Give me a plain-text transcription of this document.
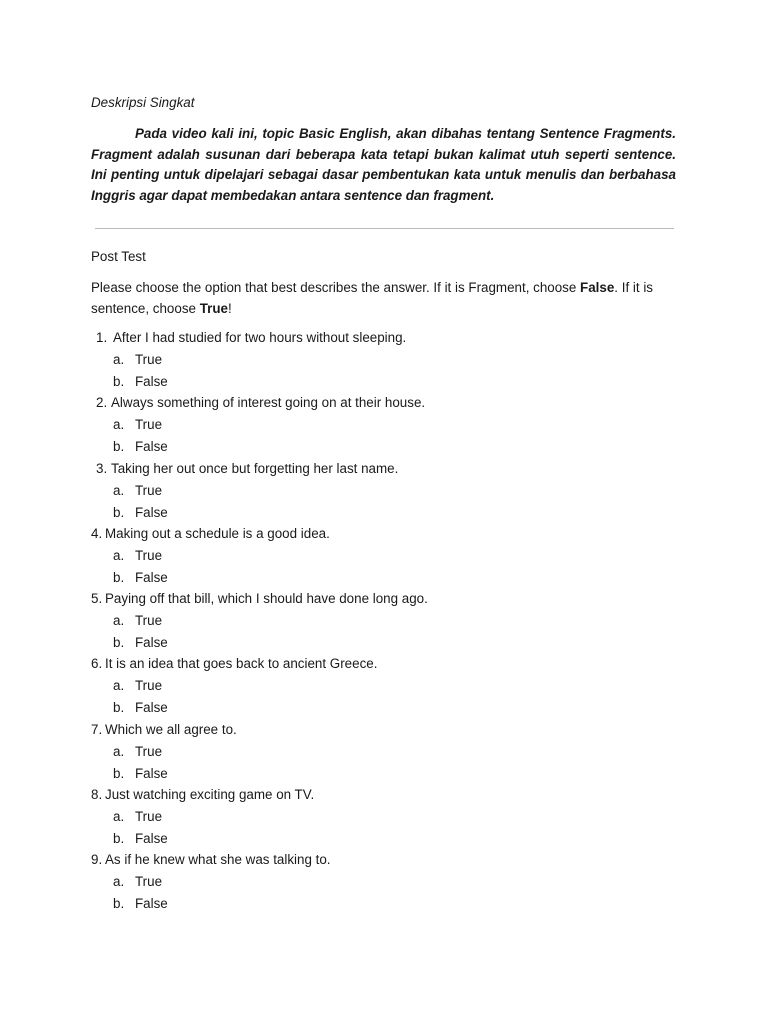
Deskripsi Singkat

Pada video kali ini, topic Basic English, akan dibahas tentang Sentence Fragments. Fragment adalah susunan dari beberapa kata tetapi bukan kalimat utuh seperti sentence. Ini penting untuk dipelajari sebagai dasar pembentukan kata untuk menulis dan berbahasa Inggris agar dapat membedakan antara sentence dan fragment.

Post Test

Please choose the option that best describes the answer. If it is Fragment, choose False. If it is sentence, choose True!

1. After I had studied for two hours without sleeping.
a. True
b. False
2. Always something of interest going on at their house.
a. True
b. False
3. Taking her out once but forgetting her last name.
a. True
b. False
4. Making out a schedule is a good idea.
a. True
b. False
5. Paying off that bill, which I should have done long ago.
a. True
b. False
6. It is an idea that goes back to ancient Greece.
a. True
b. False
7. Which we all agree to.
a. True
b. False
8. Just watching exciting game on TV.
a. True
b. False
9. As if he knew what she was talking to.
a. True
b. False
